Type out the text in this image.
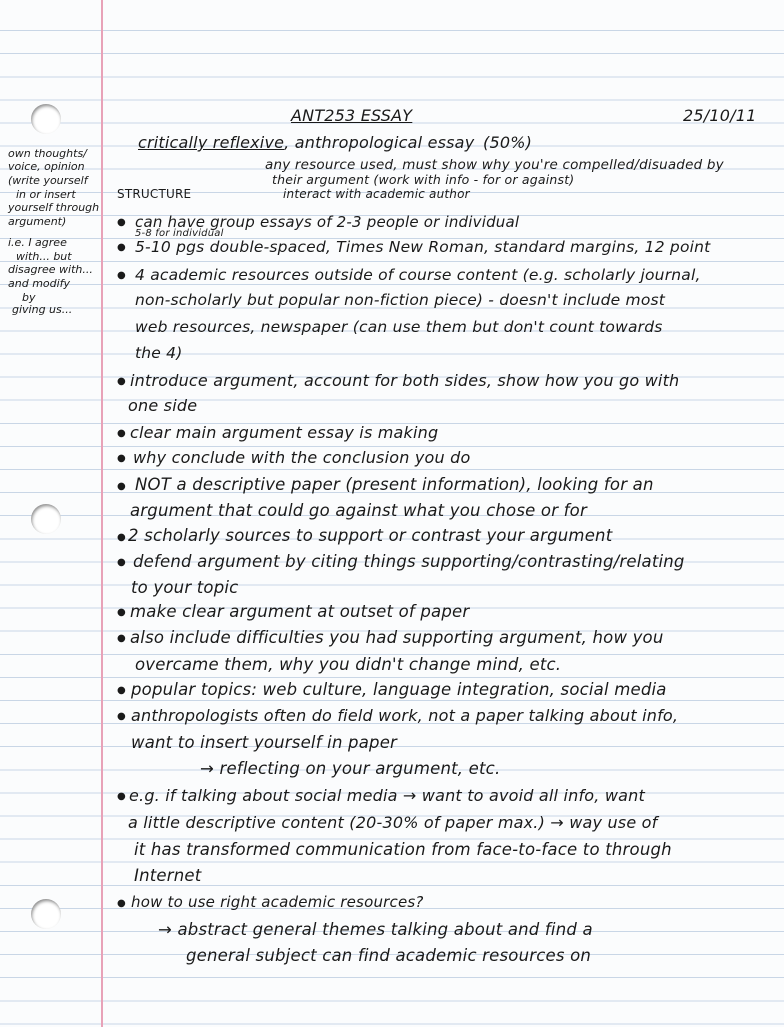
ANT253 ESSAY	25/10/11
critically reflexive, anthropological essay (50%)
any resource used, must show why you're compelled/disuaded by
their argument (work with info - for or against)
interact with academic author
STRUCTURE
own thoughts/
voice, opinion
(write yourself
in or insert
yourself through
argument)
i.e. I agree
with... but
disagree with...
and modify
by
giving us...
● can have group essays of 2-3 people or individual
5-8 for individual
● 5-10 pgs double-spaced, Times New Roman, standard margins, 12 point
● 4 academic resources outside of course content (e.g. scholarly journal,
non-scholarly but popular non-fiction piece) - doesn't include most
web resources, newspaper (can use them but don't count towards
the 4)
● introduce argument, account for both sides, show how you go with
one side
● clear main argument essay is making
● why conclude with the conclusion you do
● NOT a descriptive paper (present information), looking for an
argument that could go against what you chose or for
● 2 scholarly sources to support or contrast your argument
● defend argument by citing things supporting/contrasting/relating
to your topic
● make clear argument at outset of paper
● also include difficulties you had supporting argument, how you
overcame them, why you didn't change mind, etc.
● popular topics: web culture, language integration, social media
● anthropologists often do field work, not a paper talking about info,
want to insert yourself in paper
→ reflecting on your argument, etc.
● e.g. if talking about social media → want to avoid all info, want
a little descriptive content (20-30% of paper max.) → way use of
it has transformed communication from face-to-face to through
Internet
● how to use right academic resources?
→ abstract general themes talking about and find a
general subject can find academic resources on
